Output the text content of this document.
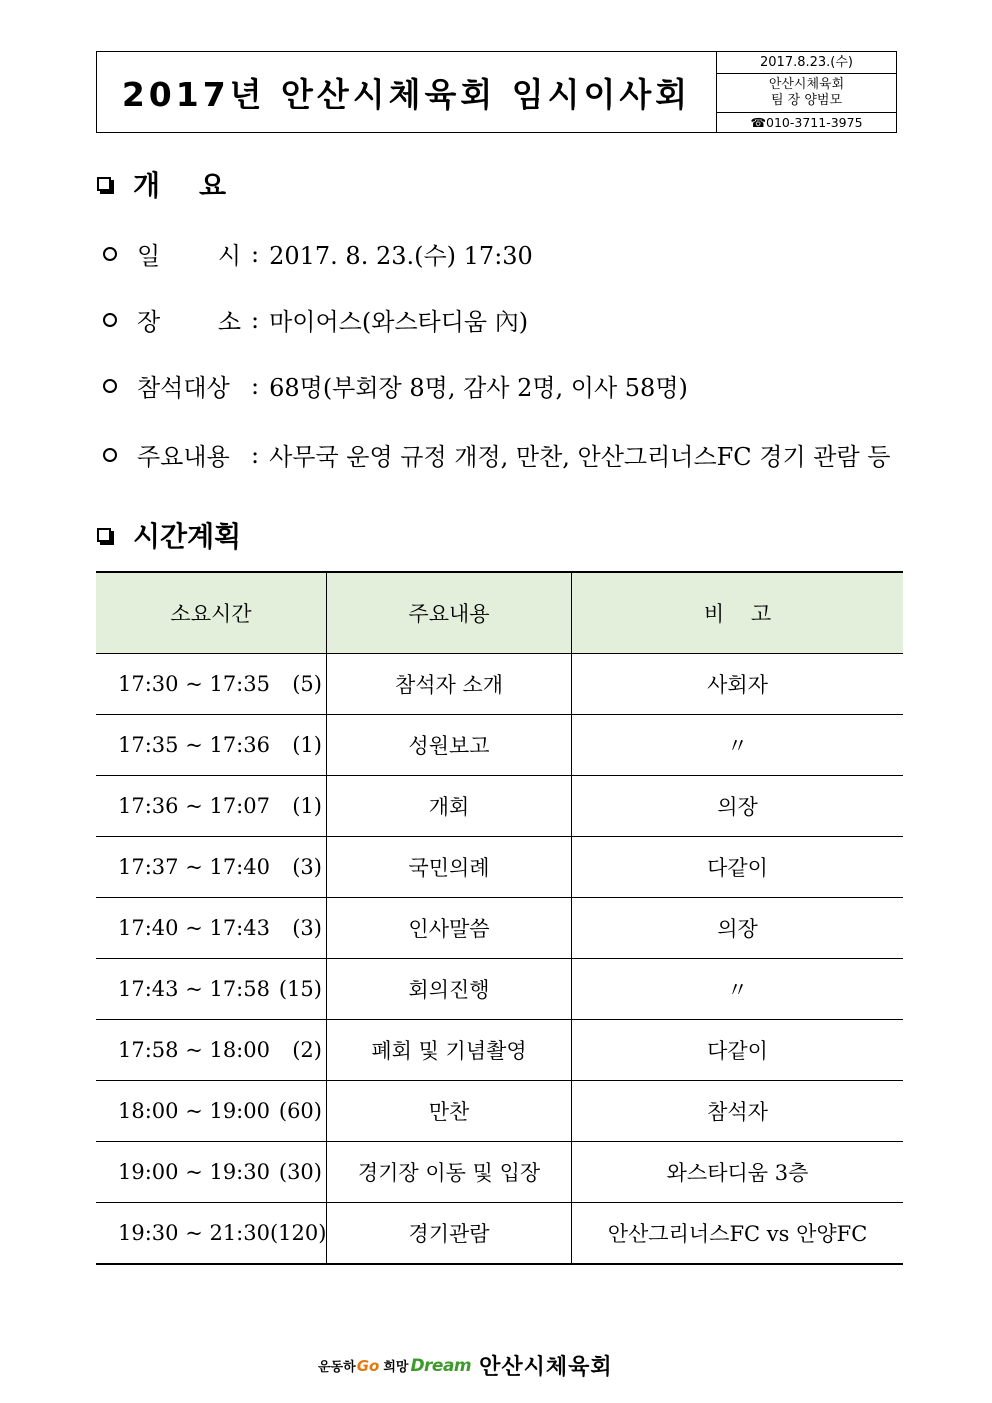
2017년 안산시체육회 임시이사회
2017.8.23.(수)
안산시체육회
팀 장 양범모
☎010-3711-3975
개    요
일 시 : 2017. 8. 23.(수) 17:30
장 소 : 마이어스(와스타디움 內)
참석대상 : 68명(부회장 8명, 감사 2명, 이사 58명)
주요내용 : 사무국 운영 규정 개정, 만찬, 안산그리너스FC 경기 관람 등
시간계획
소요시간	주요내용	비    고
17:30 ~ 17:35 (5)	참석자 소개	사회자
17:35 ~ 17:36 (1)	성원보고	〃
17:36 ~ 17:07 (1)	개회	의장
17:37 ~ 17:40 (3)	국민의례	다같이
17:40 ~ 17:43 (3)	인사말씀	의장
17:43 ~ 17:58 (15)	회의진행	〃
17:58 ~ 18:00 (2)	폐회 및 기념촬영	다같이
18:00 ~ 19:00 (60)	만찬	참석자
19:00 ~ 19:30 (30)	경기장 이동 및 입장	와스타디움 3층
19:30 ~ 21:30(120)	경기관람	안산그리너스FC vs 안양FC
운동하 Go 희망 Dream 안산시체육회
